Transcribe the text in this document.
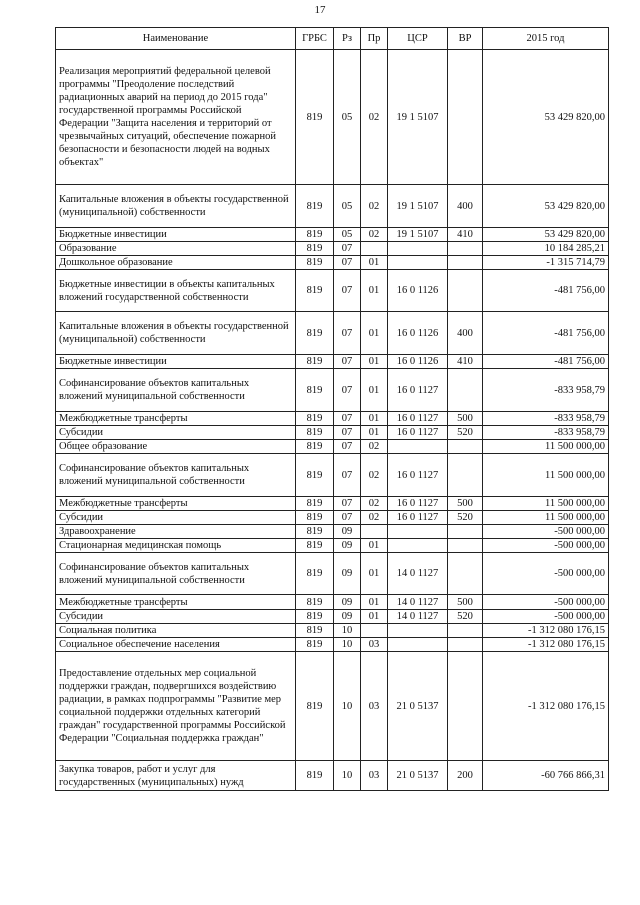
17
Наименование	ГРБС	Рз	Пр	ЦСР	ВР	2015 год
Реализация мероприятий федеральной целевой программы "Преодоление последствий радиационных аварий на период до 2015 года" государственной программы Российской Федерации "Защита населения и территорий от чрезвычайных ситуаций, обеспечение пожарной безопасности и безопасности людей на водных объектах"	819	05	02	19 1 5107		53 429 820,00
Капитальные вложения в объекты государственной (муниципальной) собственности	819	05	02	19 1 5107	400	53 429 820,00
Бюджетные инвестиции	819	05	02	19 1 5107	410	53 429 820,00
Образование	819	07				10 184 285,21
Дошкольное образование	819	07	01			-1 315 714,79
Бюджетные инвестиции в объекты капитальных вложений государственной собственности	819	07	01	16 0 1126		-481 756,00
Капитальные вложения в объекты государственной (муниципальной) собственности	819	07	01	16 0 1126	400	-481 756,00
Бюджетные инвестиции	819	07	01	16 0 1126	410	-481 756,00
Софинансирование объектов капитальных вложений муниципальной собственности	819	07	01	16 0 1127		-833 958,79
Межбюджетные трансферты	819	07	01	16 0 1127	500	-833 958,79
Субсидии	819	07	01	16 0 1127	520	-833 958,79
Общее образование	819	07	02			11 500 000,00
Софинансирование объектов капитальных вложений муниципальной собственности	819	07	02	16 0 1127		11 500 000,00
Межбюджетные трансферты	819	07	02	16 0 1127	500	11 500 000,00
Субсидии	819	07	02	16 0 1127	520	11 500 000,00
Здравоохранение	819	09				-500 000,00
Стационарная медицинская помощь	819	09	01			-500 000,00
Софинансирование объектов капитальных вложений муниципальной собственности	819	09	01	14 0 1127		-500 000,00
Межбюджетные трансферты	819	09	01	14 0 1127	500	-500 000,00
Субсидии	819	09	01	14 0 1127	520	-500 000,00
Социальная политика	819	10				-1 312 080 176,15
Социальное обеспечение населения	819	10	03			-1 312 080 176,15
Предоставление отдельных мер социальной поддержки граждан, подвергшихся воздействию радиации, в рамках подпрограммы "Развитие мер социальной поддержки отдельных категорий граждан" государственной программы Российской Федерации "Социальная поддержка граждан"	819	10	03	21 0 5137		-1 312 080 176,15
Закупка товаров, работ и услуг для государственных (муниципальных) нужд	819	10	03	21 0 5137	200	-60 766 866,31
